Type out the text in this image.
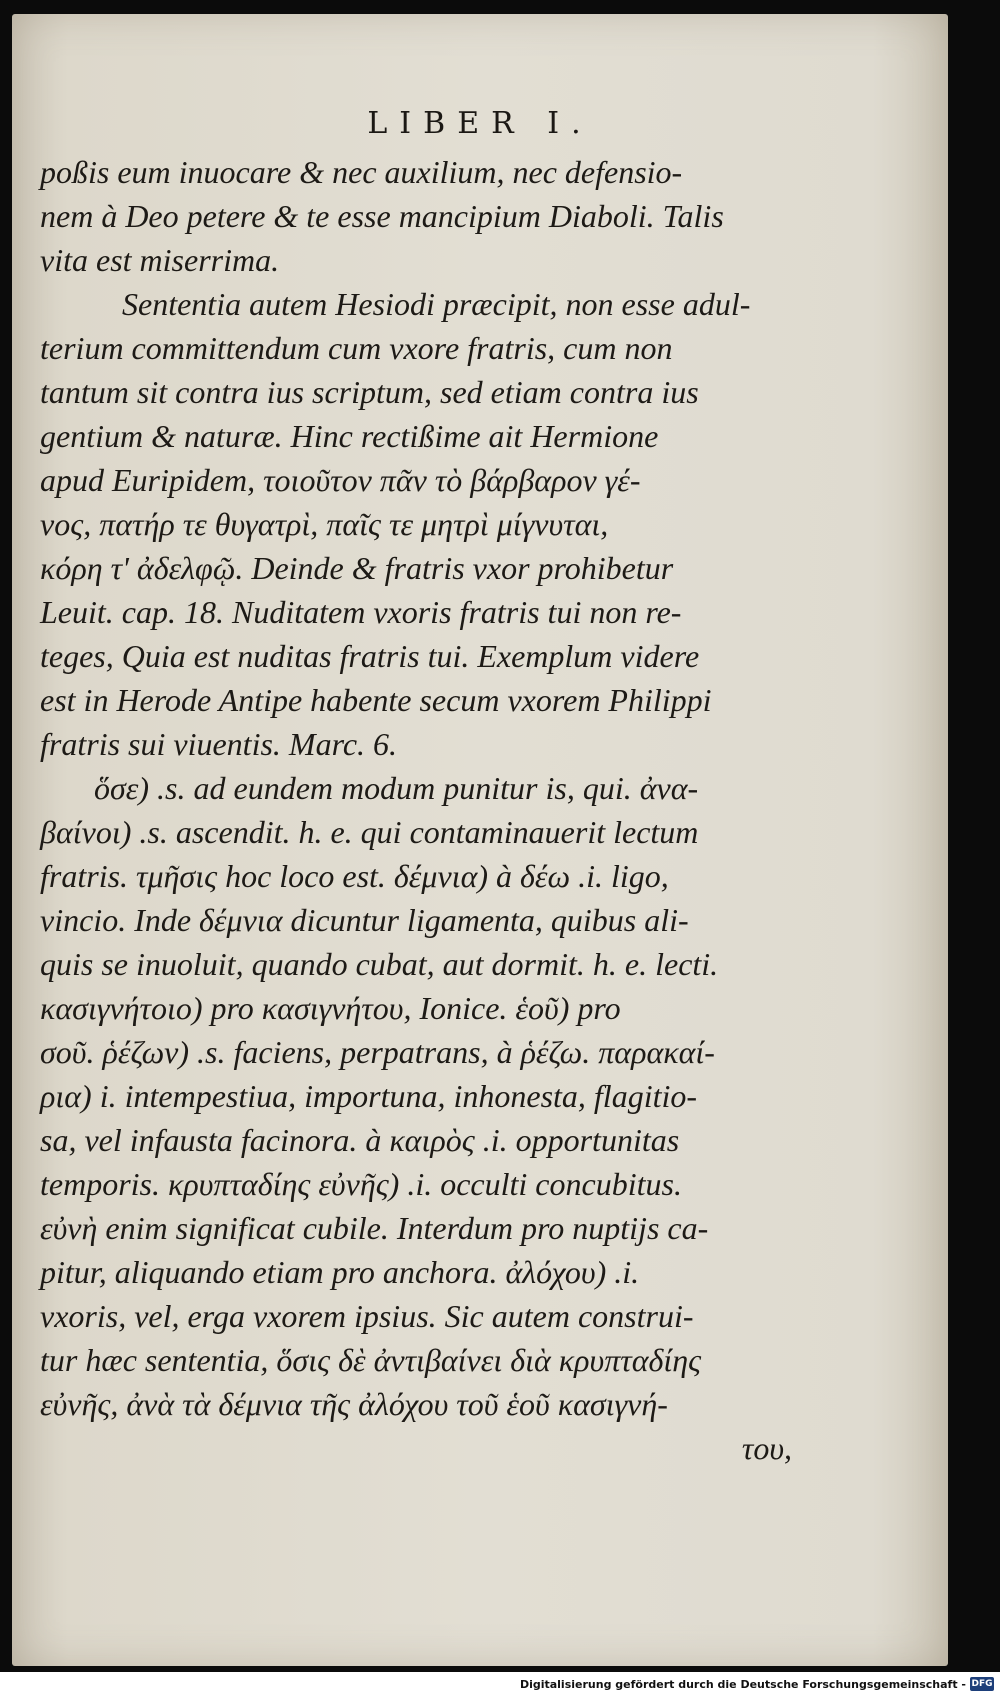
LIBER I.
poßis eum inuocare & nec auxilium, nec defensio-
nem à Deo petere & te esse mancipium Diaboli. Talis
vita est miserrima.
Sententia autem Hesiodi præcipit, non esse adul-
terium committendum cum vxore fratris, cum non
tantum sit contra ius scriptum, sed etiam contra ius
gentium & naturæ. Hinc rectißime ait Hermione
apud Euripidem, τοιοῦτον πᾶν τὸ βάρβαρον γέ-
νος, πατήρ τε θυγατρὶ, παῖς τε μητρὶ μίγνυται,
κόρη τ' ἀδελφῷ. Deinde & fratris vxor prohibetur
Leuit. cap. 18. Nuditatem vxoris fratris tui non re-
teges, Quia est nuditas fratris tui. Exemplum videre
est in Herode Antipe habente secum vxorem Philippi
fratris sui viuentis. Marc. 6.
ὅσε) .s. ad eundem modum punitur is, qui. ἀνα-
βαίνοι) .s. ascendit. h. e. qui contaminauerit lectum
fratris. τμῆσις hoc loco est. δέμνια) à δέω .i. ligo,
vincio. Inde δέμνια dicuntur ligamenta, quibus ali-
quis se inuoluit, quando cubat, aut dormit. h. e. lecti.
κασιγνήτοιο) pro κασιγνήτου, Ionice. ἑοῦ) pro
σοῦ. ῥέζων) .s. faciens, perpatrans, à ῥέζω. παρακαί-
ρια) i. intempestiua, importuna, inhonesta, flagitio-
sa, vel infausta facinora. à καιρὸς .i. opportunitas
temporis. κρυπταδίης εὐνῆς) .i. occulti concubitus.
εὐνὴ enim significat cubile. Interdum pro nuptijs ca-
pitur, aliquando etiam pro anchora. ἀλόχου) .i.
vxoris, vel, erga vxorem ipsius. Sic autem construi-
tur hæc sententia, ὅσις δὲ ἀντιβαίνει διὰ κρυπταδίης
εὐνῆς, ἀνὰ τὰ δέμνια τῆς ἀλόχου τοῦ ἑοῦ κασιγνή-
του,
Digitalisierung gefördert durch die Deutsche Forschungsgemeinschaft - DFG
